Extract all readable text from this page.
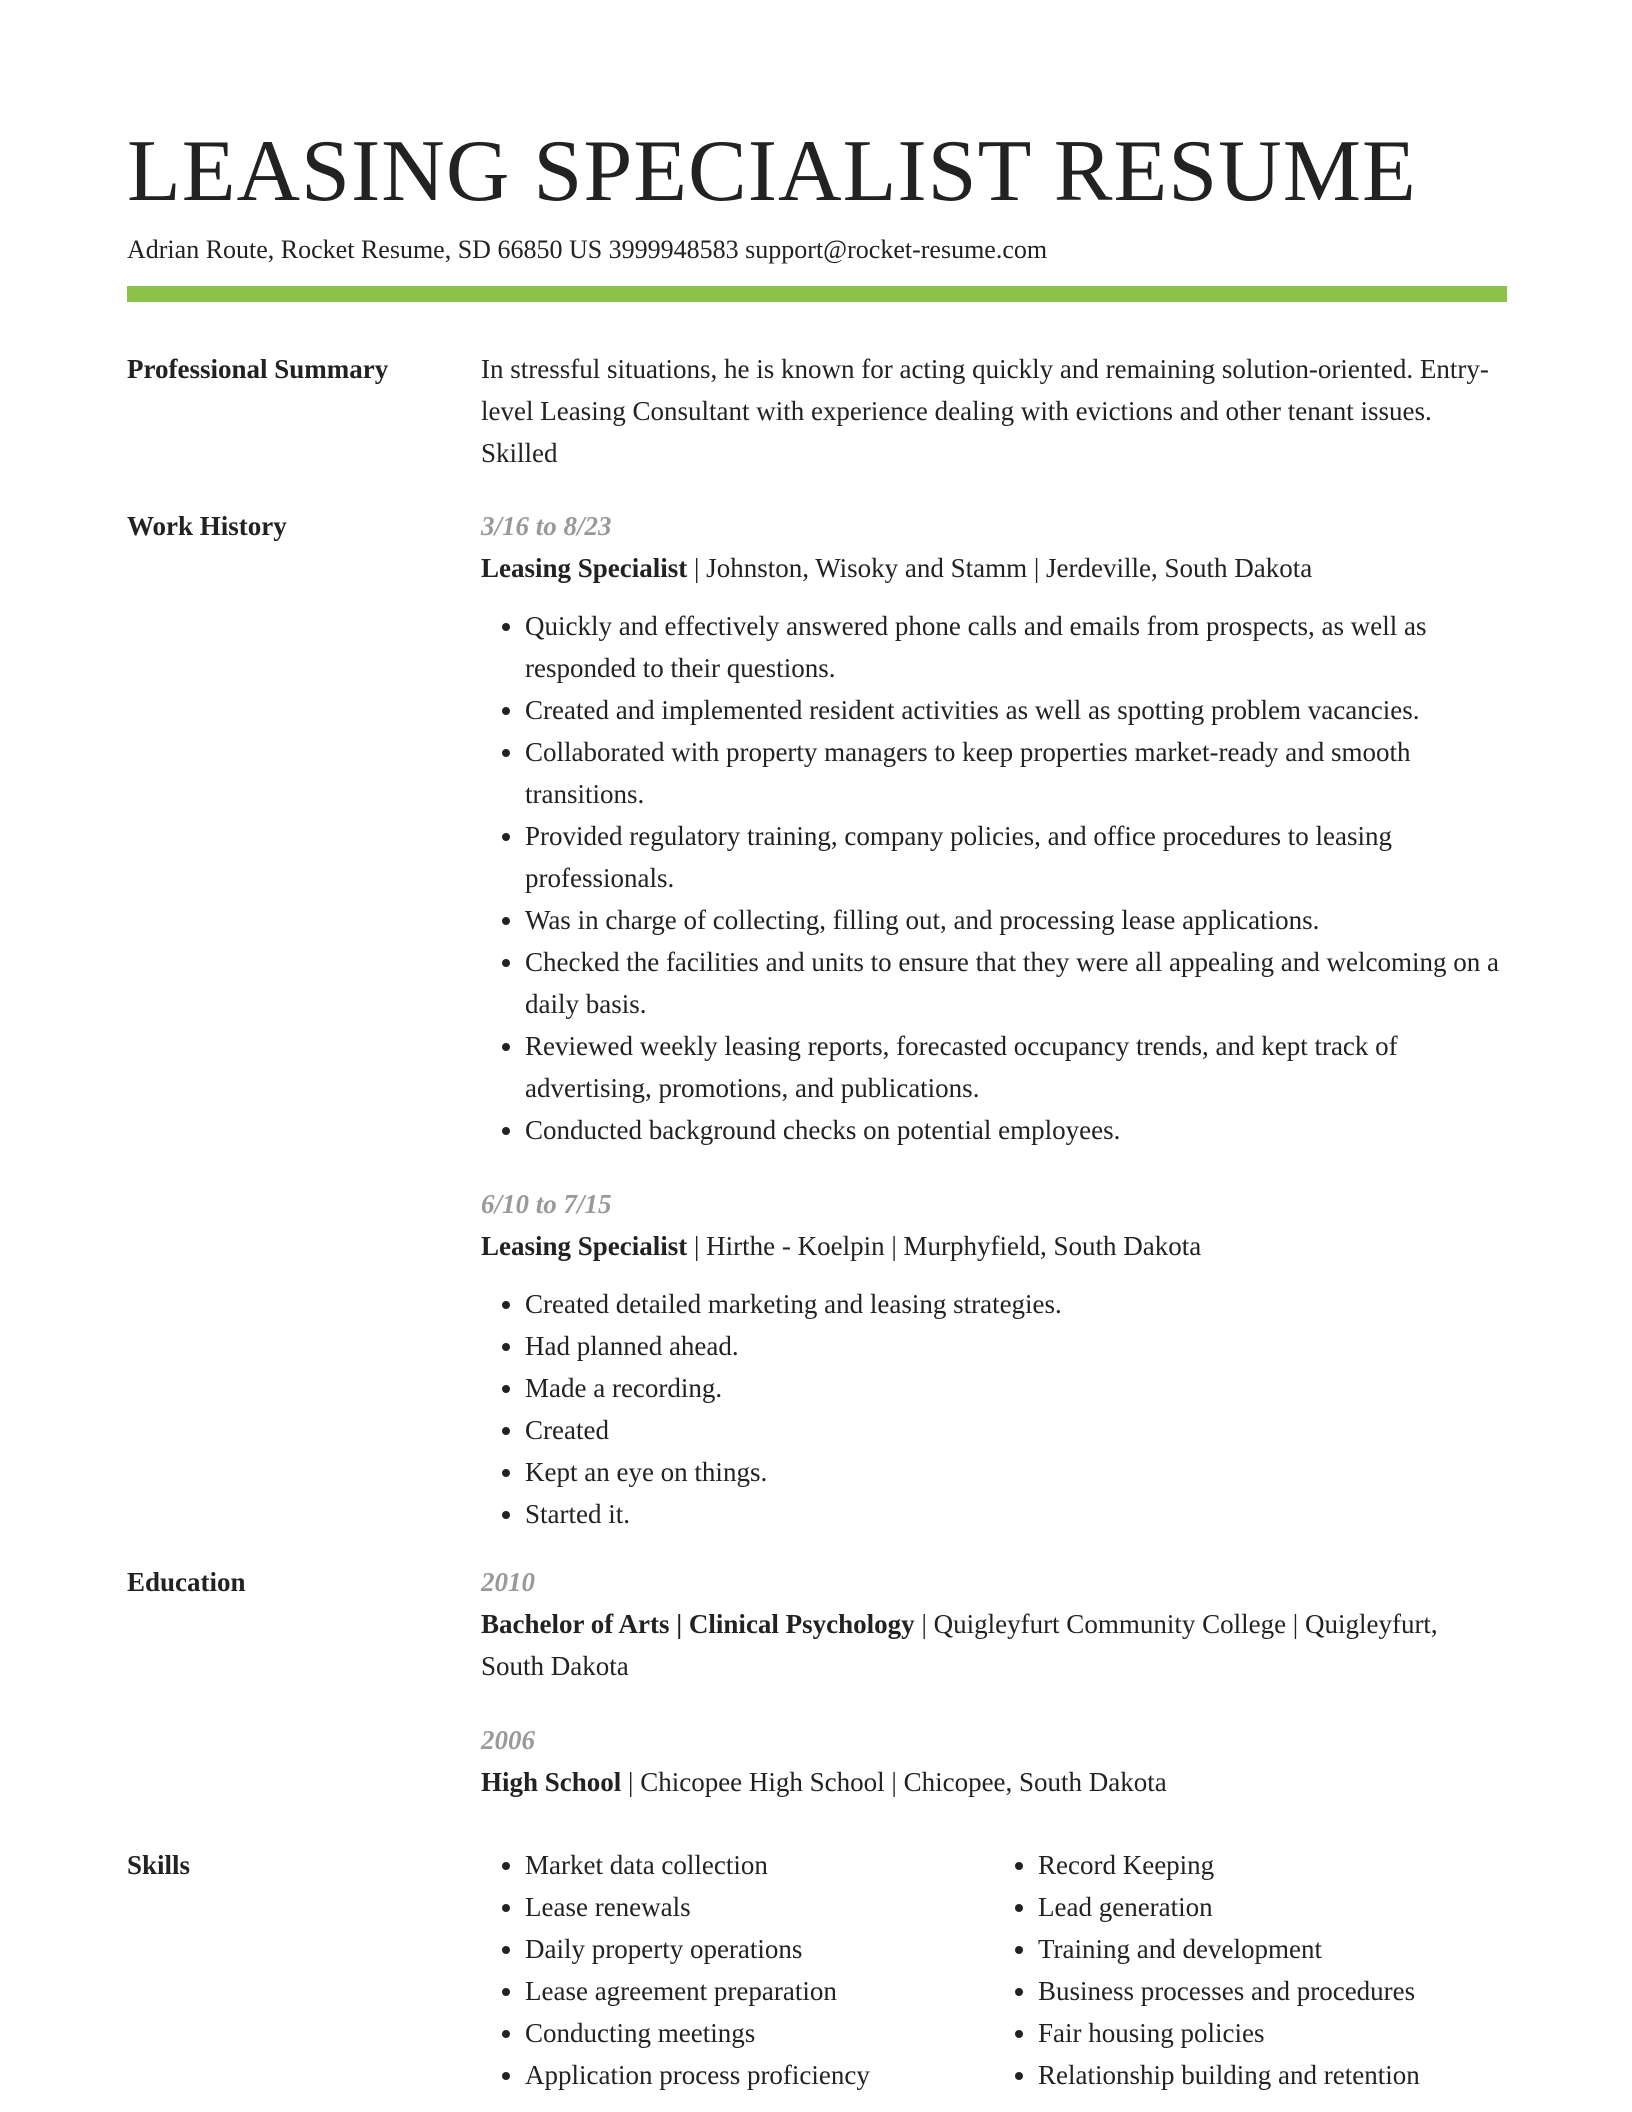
LEASING SPECIALIST RESUME
Adrian Route, Rocket Resume, SD 66850 US 3999948583 support@rocket-resume.com
Professional Summary	In stressful situations, he is known for acting quickly and remaining solution-oriented. Entry-level Leasing Consultant with experience dealing with evictions and other tenant issues. Skilled
Work History	3/16 to 8/23
Leasing Specialist | Johnston, Wisoky and Stamm | Jerdeville, South Dakota
• Quickly and effectively answered phone calls and emails from prospects, as well as responded to their questions.
• Created and implemented resident activities as well as spotting problem vacancies.
• Collaborated with property managers to keep properties market-ready and smooth transitions.
• Provided regulatory training, company policies, and office procedures to leasing professionals.
• Was in charge of collecting, filling out, and processing lease applications.
• Checked the facilities and units to ensure that they were all appealing and welcoming on a daily basis.
• Reviewed weekly leasing reports, forecasted occupancy trends, and kept track of advertising, promotions, and publications.
• Conducted background checks on potential employees.
6/10 to 7/15
Leasing Specialist | Hirthe - Koelpin | Murphyfield, South Dakota
• Created detailed marketing and leasing strategies.
• Had planned ahead.
• Made a recording.
• Created
• Kept an eye on things.
• Started it.
Education	2010
Bachelor of Arts | Clinical Psychology | Quigleyfurt Community College | Quigleyfurt, South Dakota
2006
High School | Chicopee High School | Chicopee, South Dakota
Skills
•	Market data collection
• Lease renewals
• Daily property operations
• Lease agreement preparation
• Conducting meetings
• Application process proficiency
• Record Keeping
• Lead generation
• Training and development
• Business processes and procedures
• Fair housing policies
• Relationship building and retention
